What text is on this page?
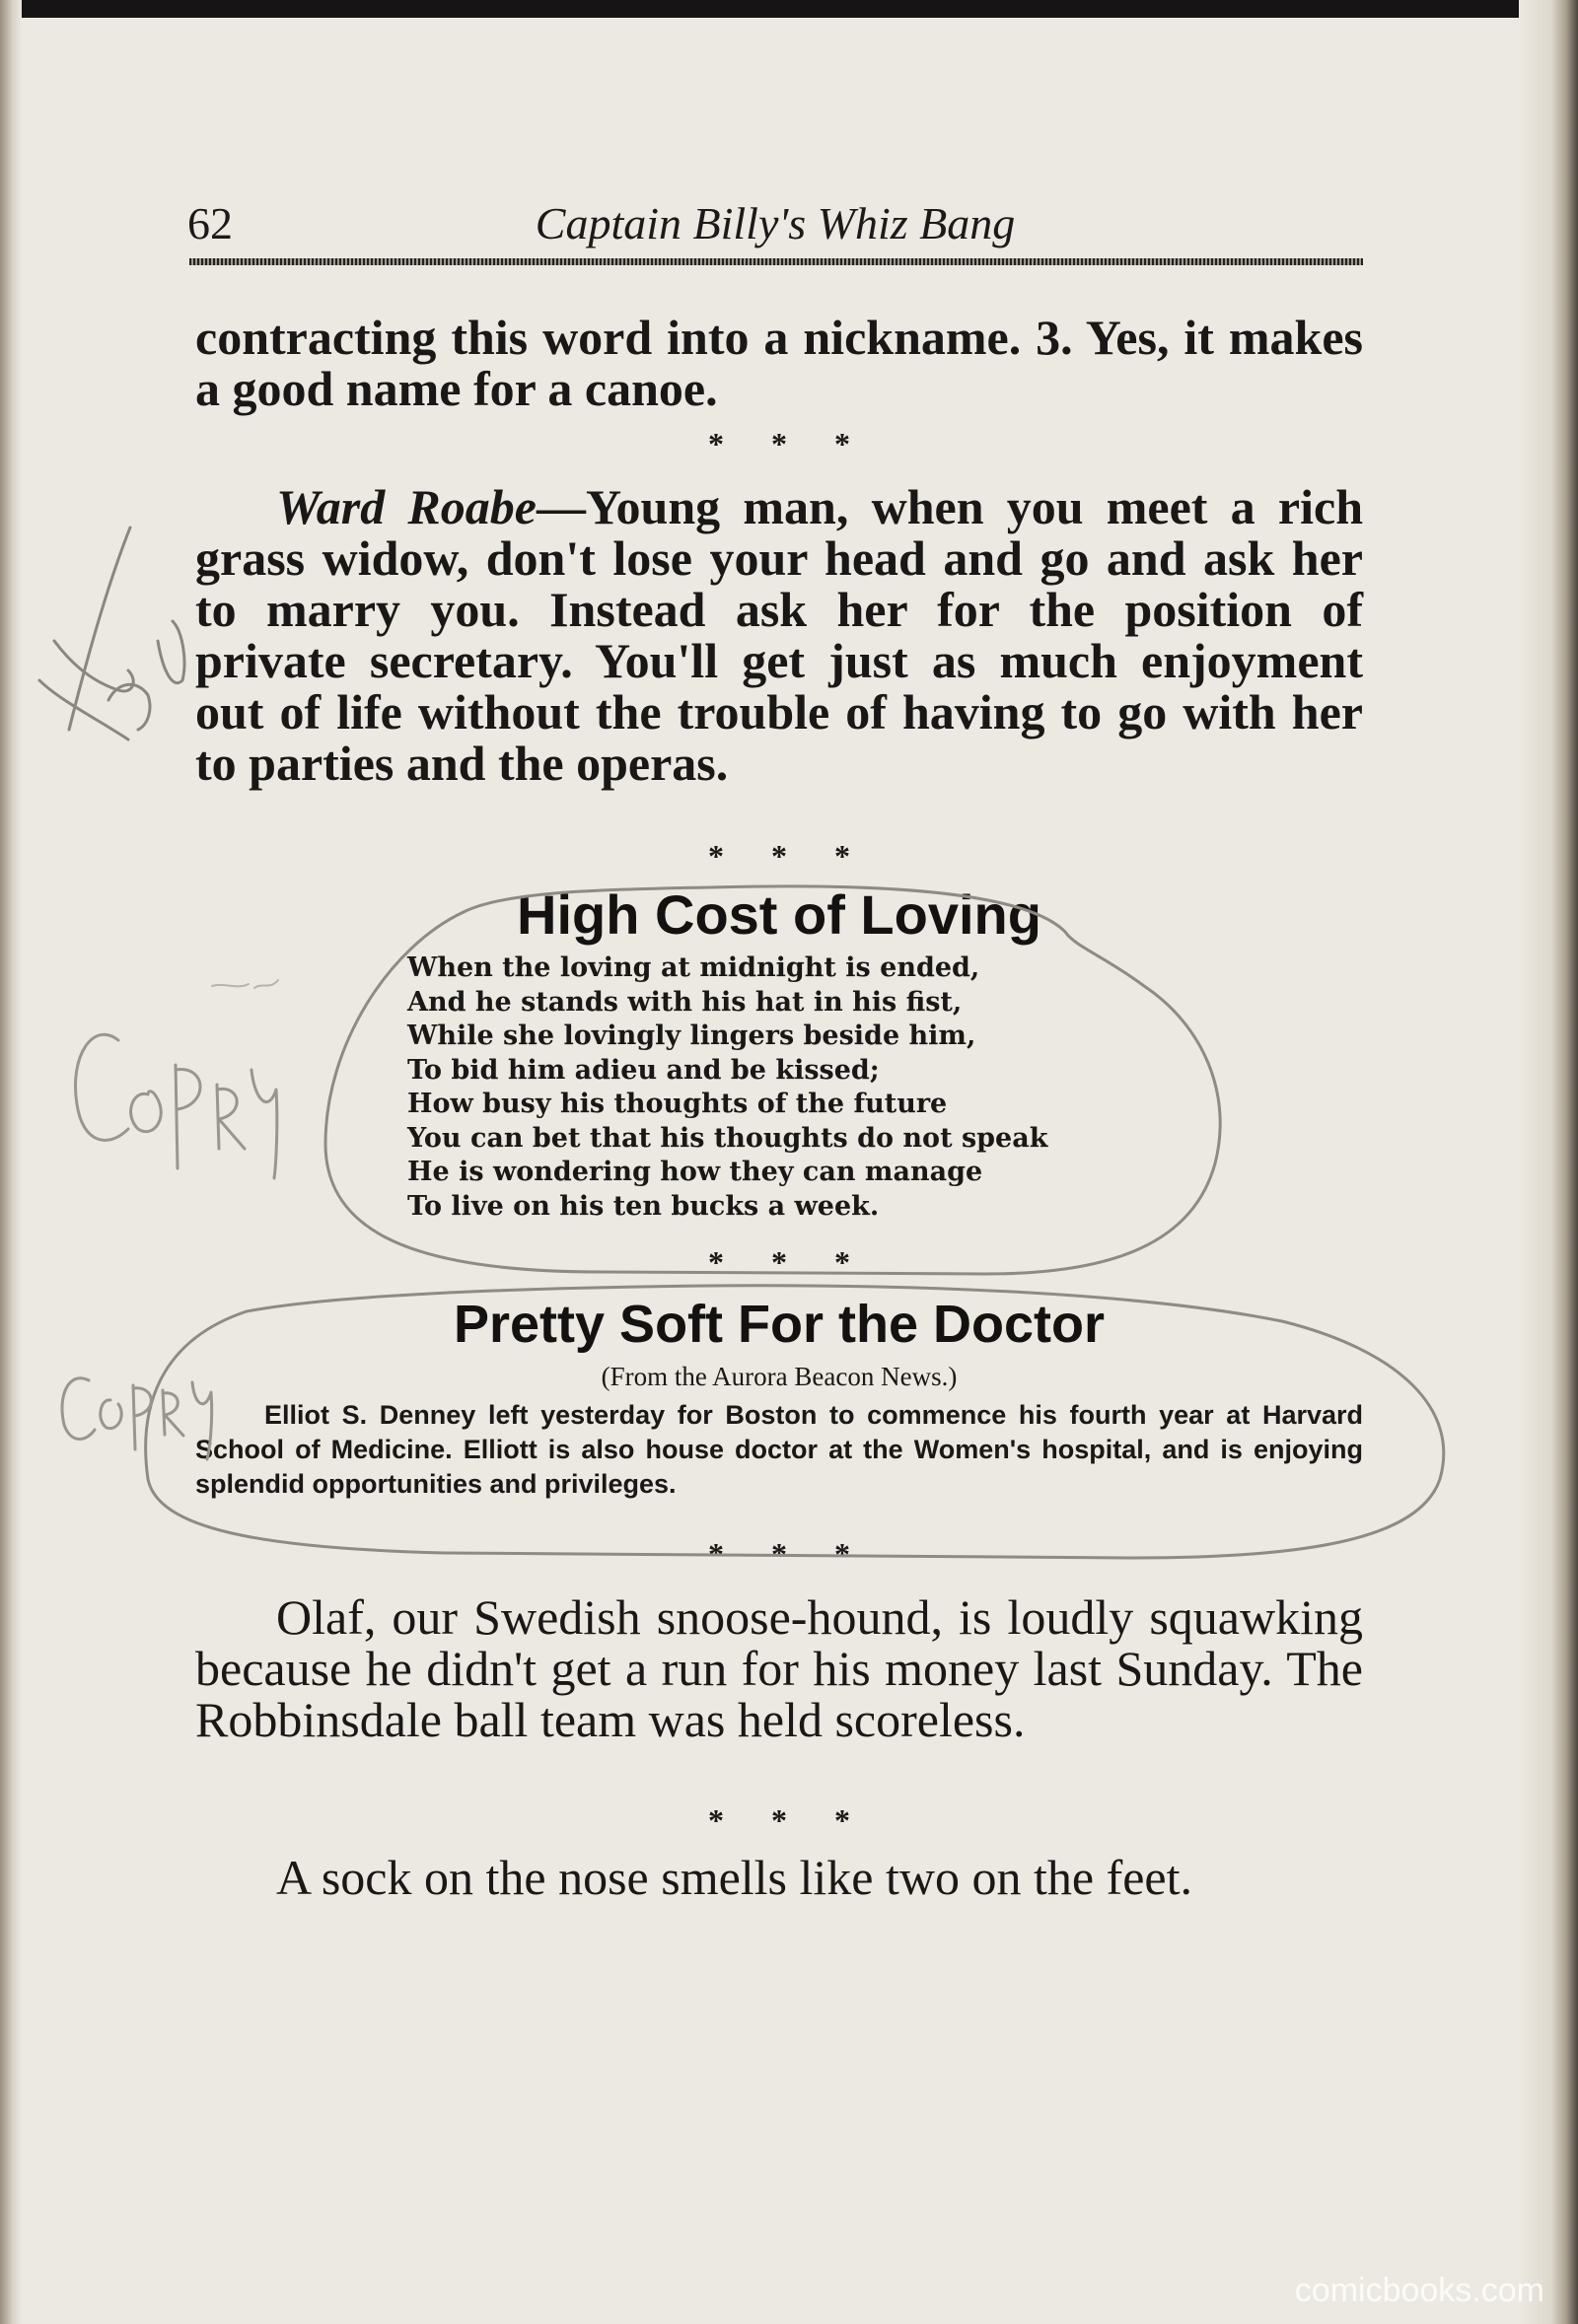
62	Captain Billy's Whiz Bang
contracting this word into a nickname. 3. Yes, it makes a good name for a canoe.
* * *
Ward Roabe—Young man, when you meet a rich grass widow, don't lose your head and go and ask her to marry you. Instead ask her for the position of private secretary. You'll get just as much enjoyment out of life without the trouble of having to go with her to parties and the operas.
* * *
High Cost of Loving
When the loving at midnight is ended,
And he stands with his hat in his fist,
While she lovingly lingers beside him,
To bid him adieu and be kissed;
How busy his thoughts of the future
You can bet that his thoughts do not speak
He is wondering how they can manage
To live on his ten bucks a week.
* * *
Pretty Soft For the Doctor
(From the Aurora Beacon News.)
Elliot S. Denney left yesterday for Boston to commence his fourth year at Harvard School of Medicine. Elliott is also house doctor at the Women's hospital, and is enjoying splendid opportunities and privileges.
* * *
Olaf, our Swedish snoose-hound, is loudly squawking because he didn't get a run for his money last Sunday. The Robbinsdale ball team was held scoreless.
* * *
A sock on the nose smells like two on the feet.
comicbooks.com
